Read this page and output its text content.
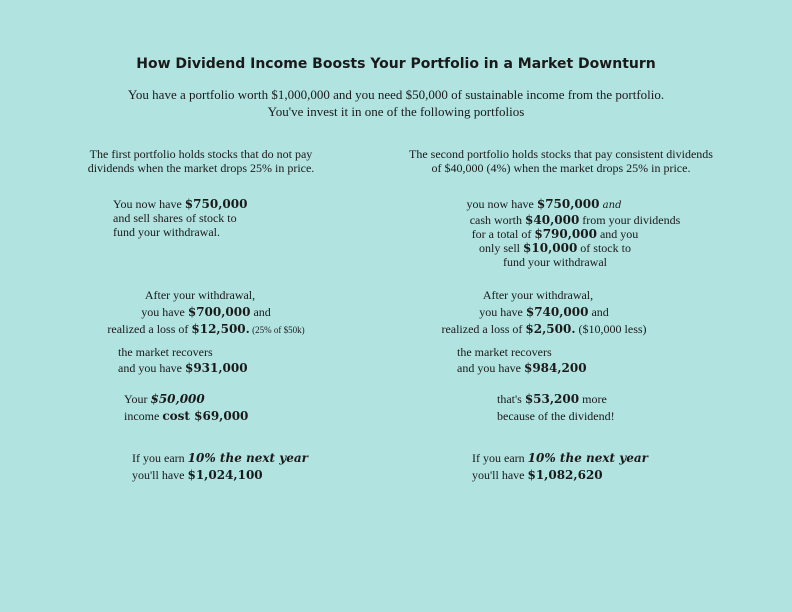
How Dividend Income Boosts Your Portfolio in a Market Downturn
You have a portfolio worth $1,000,000 and you need $50,000 of sustainable income from the portfolio.
You've invest it in one of the following portfolios
The first portfolio holds stocks that do not pay
dividends when the market drops 25% in price.
You now have $750,000
and sell shares of stock to
fund your withdrawal.
After your withdrawal,
you have $700,000 and
realized a loss of $12,500. (25% of $50k)
the market recovers
and you have $931,000
Your $50,000
income cost $69,000
If you earn 10% the next year
you'll have $1,024,100
The second portfolio holds stocks that pay consistent dividends
of $40,000 (4%) when the market drops 25% in price.
you now have $750,000 and
cash worth $40,000 from your dividends
for a total of $790,000 and you
only sell $10,000 of stock to
fund your withdrawal
After your withdrawal,
you have $740,000 and
realized a loss of $2,500. ($10,000 less)
the market recovers
and you have $984,200
that's $53,200 more
because of the dividend!
If you earn 10% the next year
you'll have $1,082,620
